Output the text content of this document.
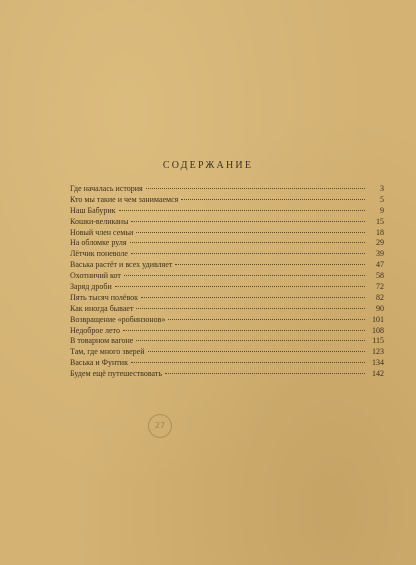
СОДЕРЖАНИЕ
Где началась история	3
Кто мы такие и чем занимаемся	5
Наш Бабурик	9
Кошки-великаны	15
Новый член семьи	18
На обломке руля	29
Лётчик поневоле	39
Васька растёт и всех удивляет	47
Охотничий кот	58
Заряд дроби	72
Пять тысяч полёвок	82
Как иногда бывает	90
Возвращение «робинзонов»	101
Недоброе лето	108
В товарном вагоне	115
Там, где много зверей	123
Васька и Фунтик	134
Будем ещё путешествовать	142
27
